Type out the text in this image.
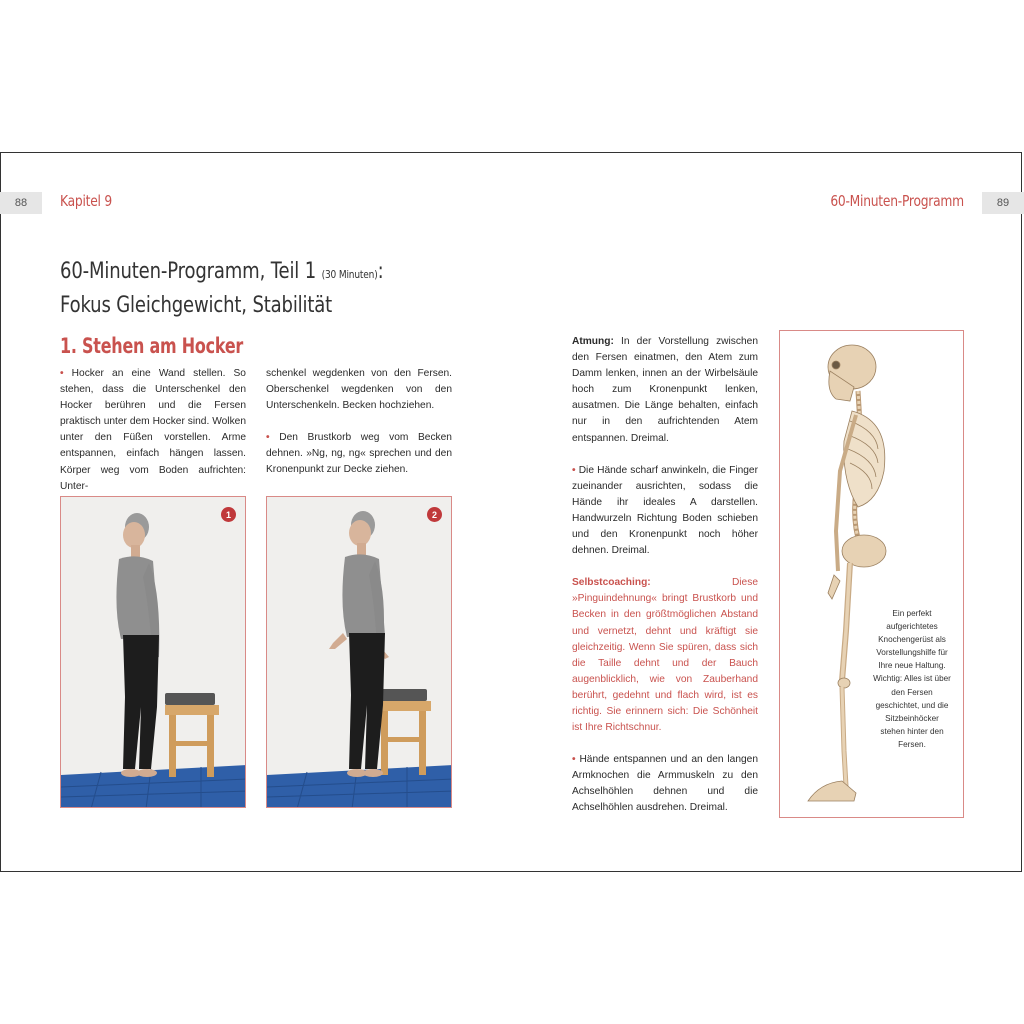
88	Kapitel 9	60-Minuten-Programm	89
60-Minuten-Programm, Teil 1 (30 Minuten):
Fokus Gleichgewicht, Stabilität
1. Stehen am Hocker

• Hocker an eine Wand stellen. So stehen, dass die Unterschenkel den Hocker berühren und die Fersen praktisch unter dem Hocker sind. Wolken unter den Füßen vorstellen. Arme entspannen, einfach hängen lassen. Körper weg vom Boden aufrichten: Unter-

schenkel wegdenken von den Fersen. Oberschenkel wegdenken von den Unterschenkeln. Becken hochziehen.

• Den Brustkorb weg vom Becken dehnen. »Ng, ng, ng« sprechen und den Kronenpunkt zur Decke ziehen.

1	2

Atmung: In der Vorstellung zwischen den Fersen einatmen, den Atem zum Damm lenken, innen an der Wirbelsäule hoch zum Kronenpunkt lenken, ausatmen. Die Länge behalten, einfach nur in den aufrichtenden Atem entspannen. Dreimal.

• Die Hände scharf anwinkeln, die Finger zueinander ausrichten, sodass die Hände ihr ideales A darstellen. Handwurzeln Richtung Boden schieben und den Kronenpunkt noch höher dehnen. Dreimal.

Selbstcoaching: Diese »Pinguindehnung« bringt Brustkorb und Becken in den größtmöglichen Abstand und vernetzt, dehnt und kräftigt sie gleichzeitig. Wenn Sie spüren, dass sich die Taille dehnt und der Bauch augenblicklich, wie von Zauberhand berührt, gedehnt und flach wird, ist es richtig. Sie erinnern sich: Die Schönheit ist Ihre Richtschnur.

• Hände entspannen und an den langen Armknochen die Armmuskeln zu den Achselhöhlen dehnen und die Achselhöhlen ausdrehen. Dreimal.

Ein perfekt aufgerichtetes Knochengerüst als Vorstellungshilfe für Ihre neue Haltung. Wichtig: Alles ist über den Fersen geschichtet, und die Sitzbeinhöcker stehen hinter den Fersen.
